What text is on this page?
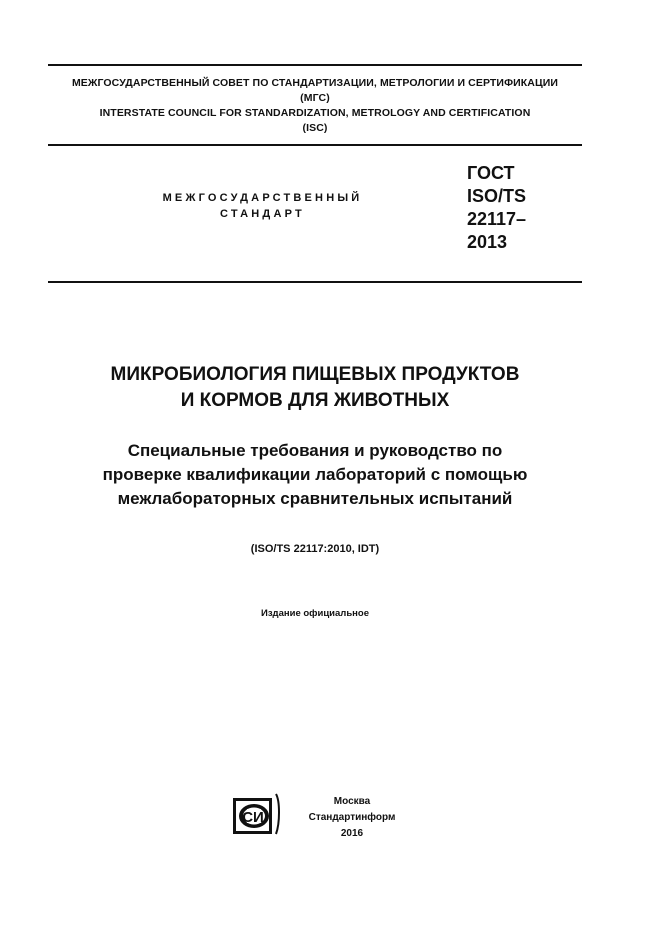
МЕЖГОСУДАРСТВЕННЫЙ СОВЕТ ПО СТАНДАРТИЗАЦИИ, МЕТРОЛОГИИ И СЕРТИФИКАЦИИ
(МГС)
INTERSTATE COUNCIL FOR STANDARDIZATION, METROLOGY AND CERTIFICATION
(ISC)
МЕЖГОСУДАРСТВЕННЫЙ
СТАНДАРТ
ГОСТ
ISO/TS
22117–
2013
МИКРОБИОЛОГИЯ ПИЩЕВЫХ ПРОДУКТОВ
И КОРМОВ ДЛЯ ЖИВОТНЫХ
Специальные требования и руководство по
проверке квалификации лабораторий с помощью
межлабораторных сравнительных испытаний
(ISO/TS 22117:2010, IDT)
Издание официальное
СИ
Москва
Стандартинформ
2016
